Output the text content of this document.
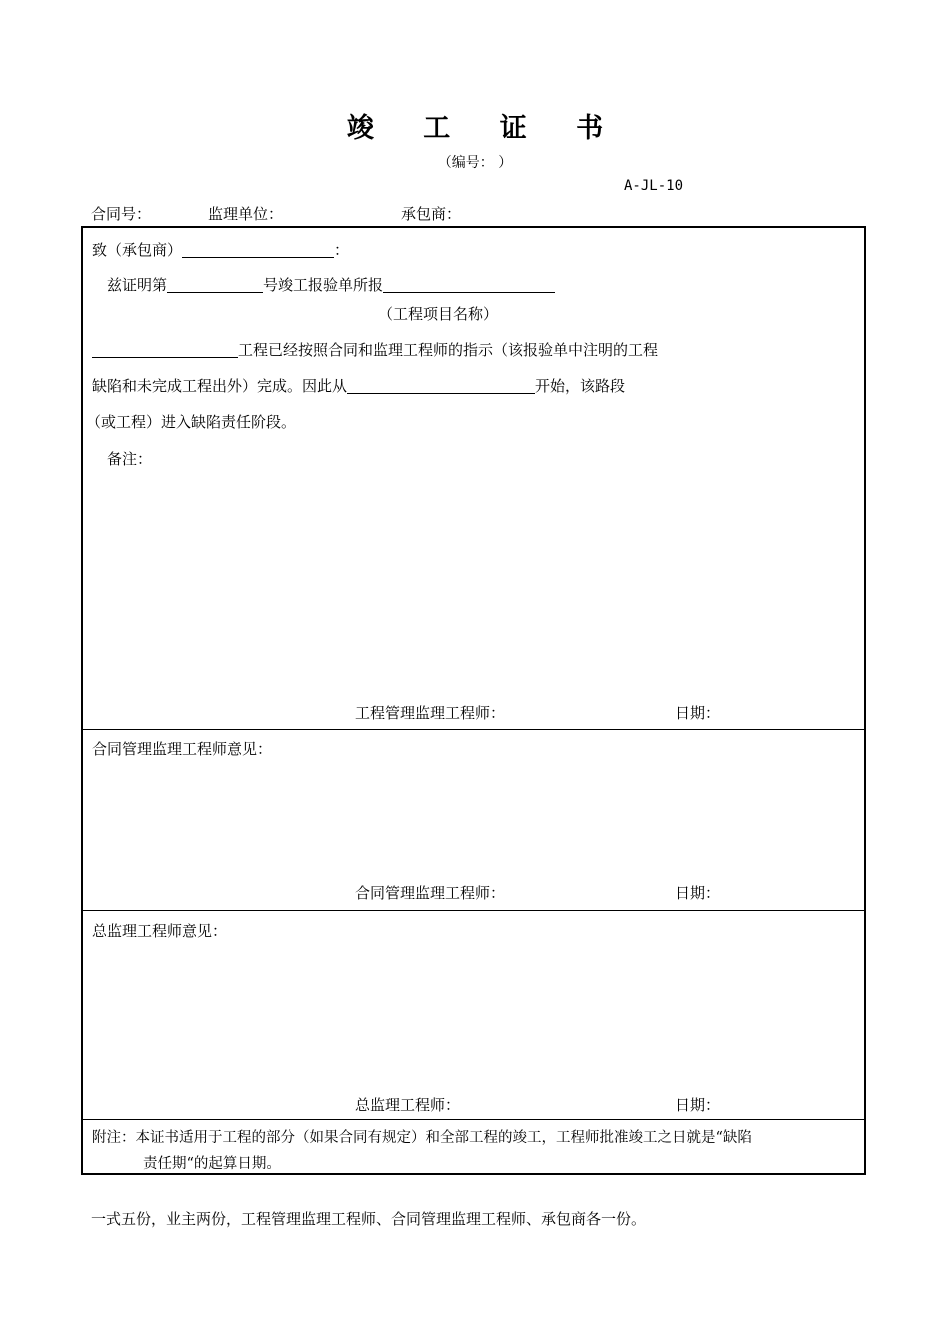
竣 工 证 书
（编号： ）
A-JL-10
合同号：	监理单位：	承包商：
致（承包商）	：
兹证明第	号竣工报验单所报
（工程项目名称）
工程已经按照合同和监理工程师的指示（该报验单中注明的工程
缺陷和未完成工程出外）完成。因此从	开始，该路段
（或工程）进入缺陷责任阶段。
备注：
工程管理监理工程师：	日期：
合同管理监理工程师意见：
合同管理监理工程师：	日期：
总监理工程师意见：
总监理工程师：	日期：
附注：本证书适用于工程的部分（如果合同有规定）和全部工程的竣工，工程师批准竣工之日就是“缺陷
责任期“的起算日期。
一式五份，业主两份，工程管理监理工程师、合同管理监理工程师、承包商各一份。
